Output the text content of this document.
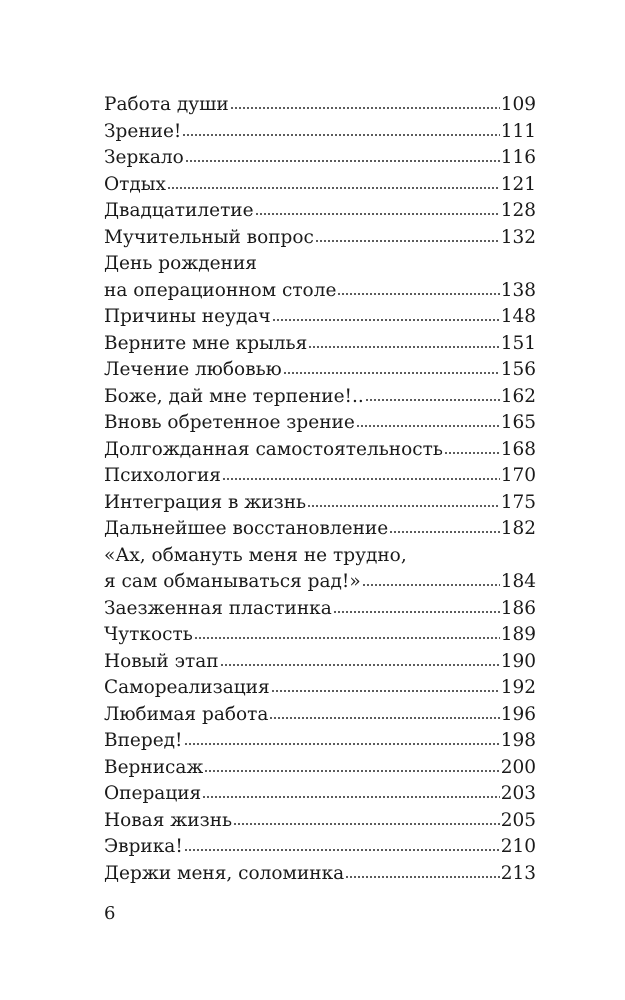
Работа души	109
Зрение!	111
Зеркало	116
Отдых	121
Двадцатилетие	128
Мучительный вопрос	132
День рождения
на операционном столе	138
Причины неудач	148
Верните мне крылья	151
Лечение любовью	156
Боже, дай мне терпение!..	162
Вновь обретенное зрение	165
Долгожданная самостоятельность	168
Психология	170
Интеграция в жизнь	175
Дальнейшее восстановление	182
«Ах, обмануть меня не трудно,
я сам обманываться рад!»	184
Заезженная пластинка	186
Чуткость	189
Новый этап	190
Самореализация	192
Любимая работа	196
Вперед!	198
Вернисаж	200
Операция	203
Новая жизнь	205
Эврика!	210
Держи меня, соломинка	213
6
